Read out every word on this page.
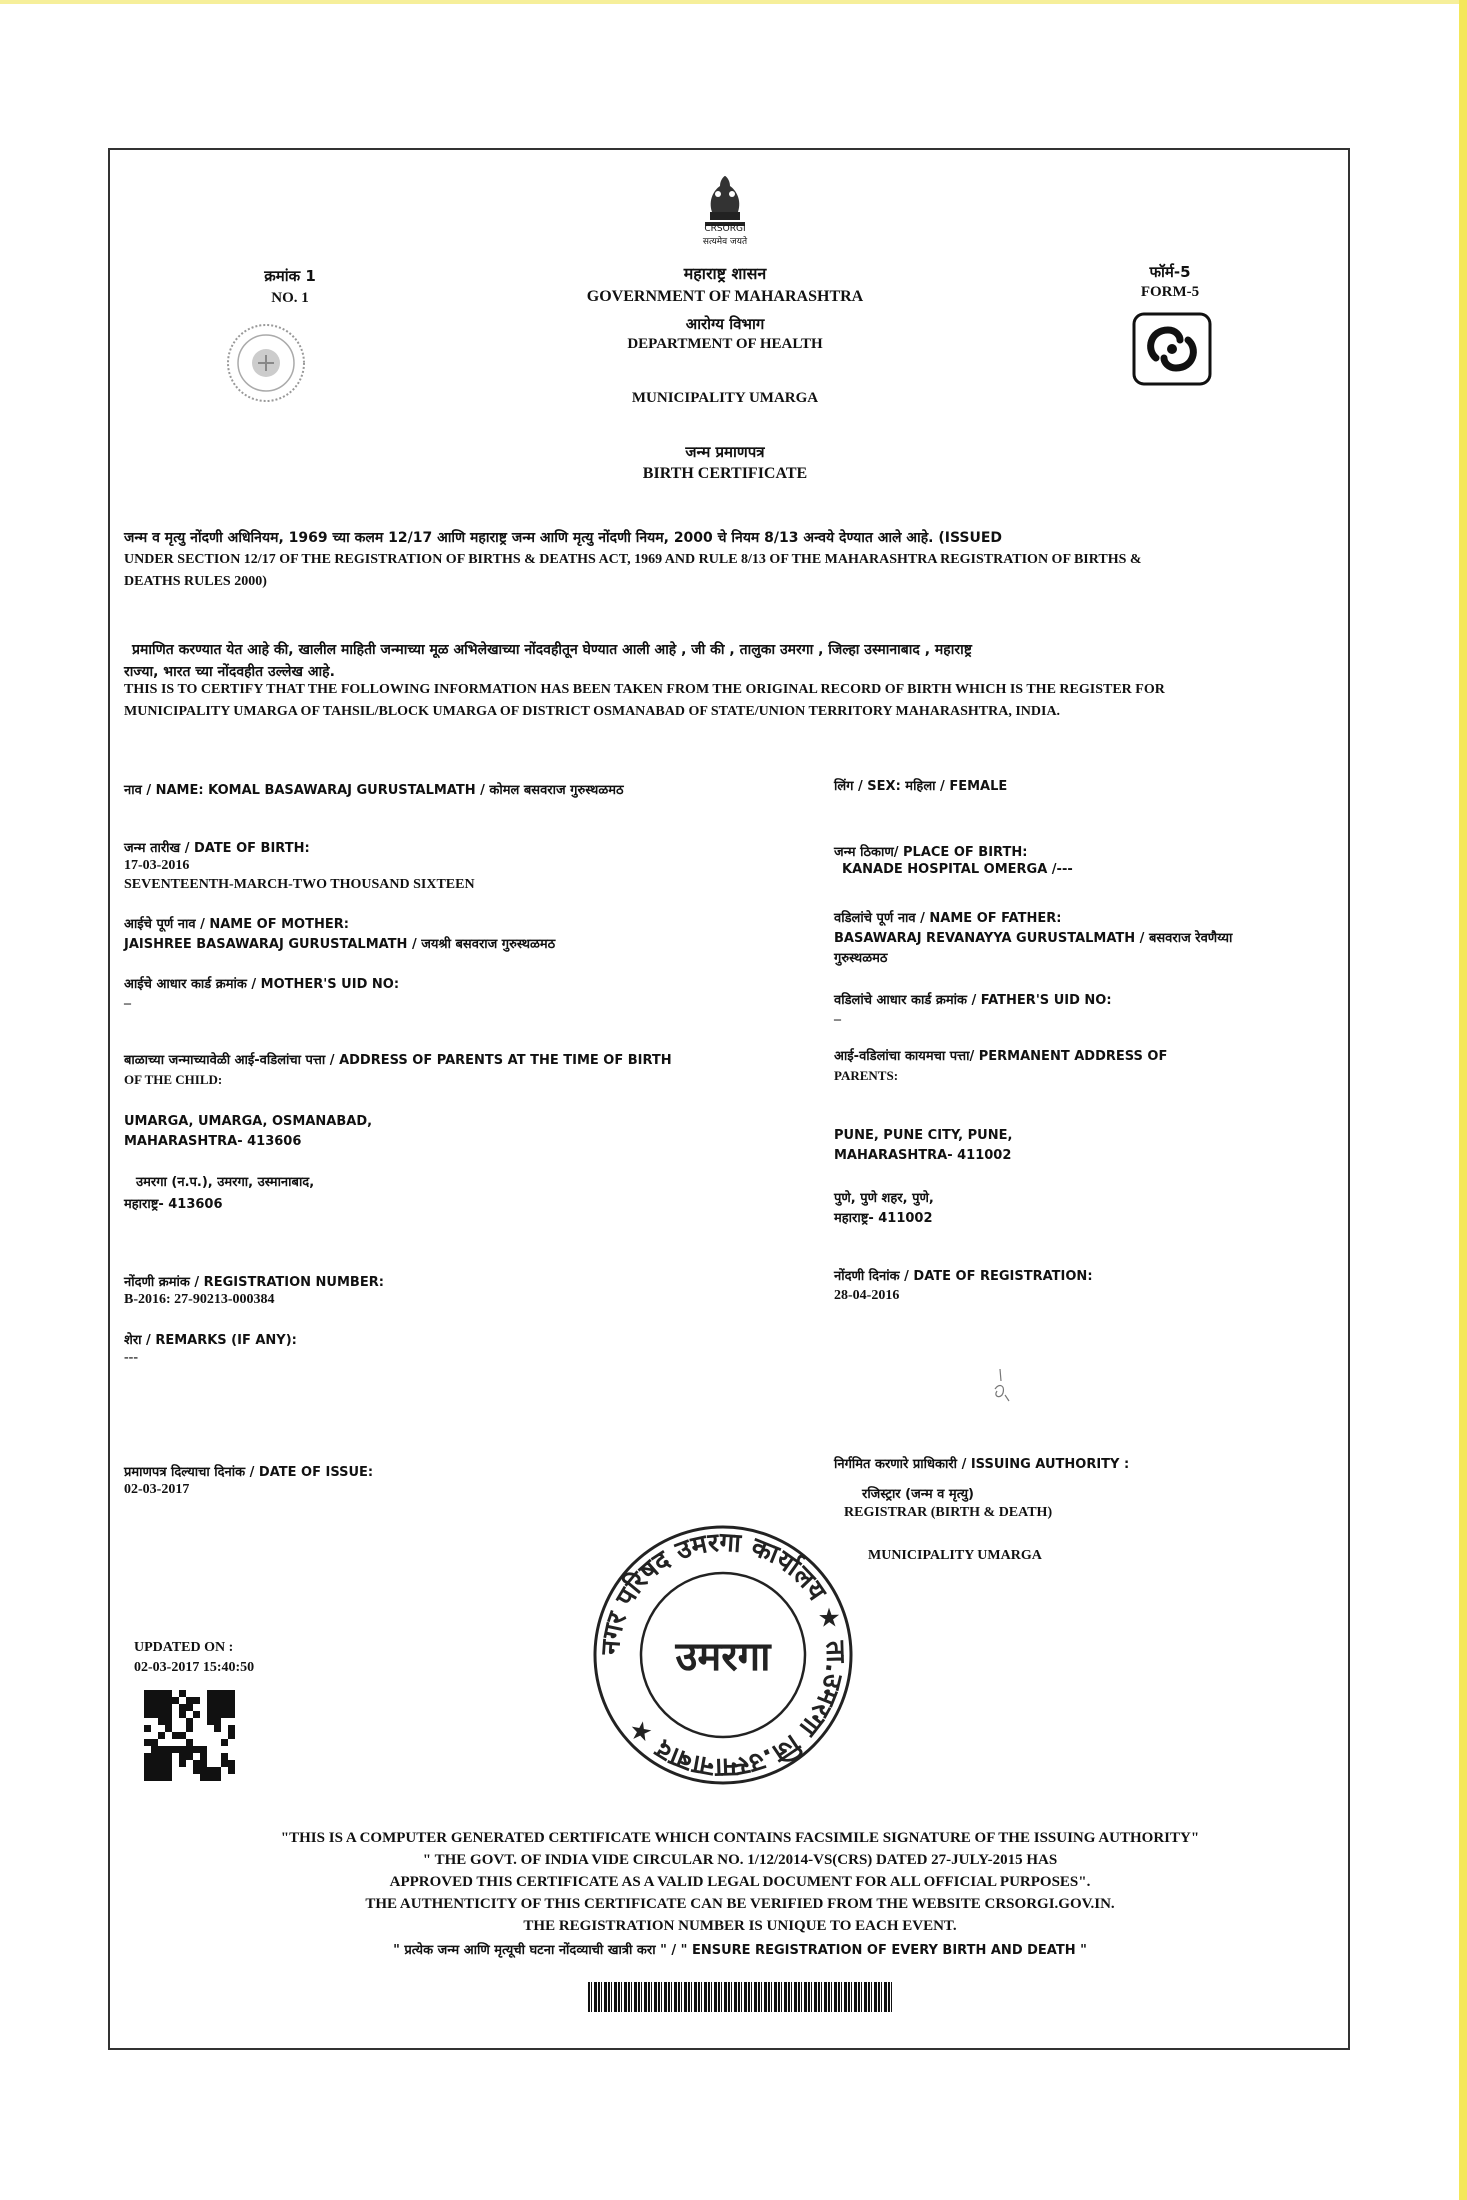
CRSORGI
सत्यमेव जयते
क्रमांक 1
NO. 1
महाराष्ट्र शासन
GOVERNMENT OF MAHARASHTRA
आरोग्य विभाग
DEPARTMENT OF HEALTH
MUNICIPALITY UMARGA
जन्म प्रमाणपत्र
BIRTH CERTIFICATE
फॉर्म-5
FORM-5
जन्म व मृत्यु नोंदणी अधिनियम, 1969 च्या कलम 12/17 आणि महाराष्ट्र जन्म आणि मृत्यु नोंदणी नियम, 2000 चे नियम 8/13 अन्वये देण्यात आले आहे. (ISSUED
UNDER SECTION 12/17 OF THE REGISTRATION OF BIRTHS & DEATHS ACT, 1969 AND RULE 8/13 OF THE MAHARASHTRA REGISTRATION OF BIRTHS &
DEATHS RULES 2000)
प्रमाणित करण्यात येत आहे की, खालील माहिती जन्माच्या मूळ अभिलेखाच्या नोंदवहीतून घेण्यात आली आहे , जी की , तालुका उमरगा , जिल्हा उस्मानाबाद , महाराष्ट्र
राज्या, भारत च्या नोंदवहीत उल्लेख आहे.
THIS IS TO CERTIFY THAT THE FOLLOWING INFORMATION HAS BEEN TAKEN FROM THE ORIGINAL RECORD OF BIRTH WHICH IS THE REGISTER FOR
MUNICIPALITY UMARGA OF TAHSIL/BLOCK UMARGA OF DISTRICT OSMANABAD OF STATE/UNION TERRITORY MAHARASHTRA, INDIA.
नाव / NAME: KOMAL BASAWARAJ GURUSTALMATH / कोमल बसवराज गुरुस्थळमठ
जन्म तारीख / DATE OF BIRTH:
17-03-2016
SEVENTEENTH-MARCH-TWO THOUSAND SIXTEEN
आईचे पूर्ण नाव / NAME OF MOTHER:
JAISHREE BASAWARAJ GURUSTALMATH / जयश्री बसवराज गुरुस्थळमठ
आईचे आधार कार्ड क्रमांक / MOTHER'S UID NO:
–
बाळाच्या जन्माच्यावेळी आई-वडिलांचा पत्ता / ADDRESS OF PARENTS AT THE TIME OF BIRTH
OF THE CHILD:
UMARGA, UMARGA, OSMANABAD,
MAHARASHTRA- 413606
उमरगा (न.प.), उमरगा, उस्मानाबाद,
महाराष्ट्र- 413606
नोंदणी क्रमांक / REGISTRATION NUMBER:
B-2016: 27-90213-000384
शेरा / REMARKS (IF ANY):
---
प्रमाणपत्र दिल्याचा दिनांक / DATE OF ISSUE:
02-03-2017
UPDATED ON :
02-03-2017 15:40:50
लिंग / SEX: महिला / FEMALE
जन्म ठिकाण/ PLACE OF BIRTH:
KANADE HOSPITAL OMERGA /---
वडिलांचे पूर्ण नाव / NAME OF FATHER:
BASAWARAJ REVANAYYA GURUSTALMATH / बसवराज रेवणैय्या
गुरुस्थळमठ
वडिलांचे आधार कार्ड क्रमांक / FATHER'S UID NO:
–
आई-वडिलांचा कायमचा पत्ता/ PERMANENT ADDRESS OF
PARENTS:
PUNE, PUNE CITY, PUNE,
MAHARASHTRA- 411002
पुणे, पुणे शहर, पुणे,
महाराष्ट्र- 411002
नोंदणी दिनांक / DATE OF REGISTRATION:
28-04-2016
निर्गमित करणारे प्राधिकारी / ISSUING AUTHORITY :
रजिस्ट्रार (जन्म व मृत्यु)
REGISTRAR (BIRTH & DEATH)
MUNICIPALITY UMARGA
नगर परिषद उमरगा कार्यालय ★ ता.उमरगा जि.उस्मानाबाद ★
उमरगा
"THIS IS A COMPUTER GENERATED CERTIFICATE WHICH CONTAINS FACSIMILE SIGNATURE OF THE ISSUING AUTHORITY"
" THE GOVT. OF INDIA VIDE CIRCULAR NO. 1/12/2014-VS(CRS) DATED 27-JULY-2015 HAS
APPROVED THIS CERTIFICATE AS A VALID LEGAL DOCUMENT FOR ALL OFFICIAL PURPOSES".
THE AUTHENTICITY OF THIS CERTIFICATE CAN BE VERIFIED FROM THE WEBSITE CRSORGI.GOV.IN.
THE REGISTRATION NUMBER IS UNIQUE TO EACH EVENT.
" प्रत्येक जन्म आणि मृत्यूची घटना नोंदव्याची खात्री करा " / " ENSURE REGISTRATION OF EVERY BIRTH AND DEATH "
